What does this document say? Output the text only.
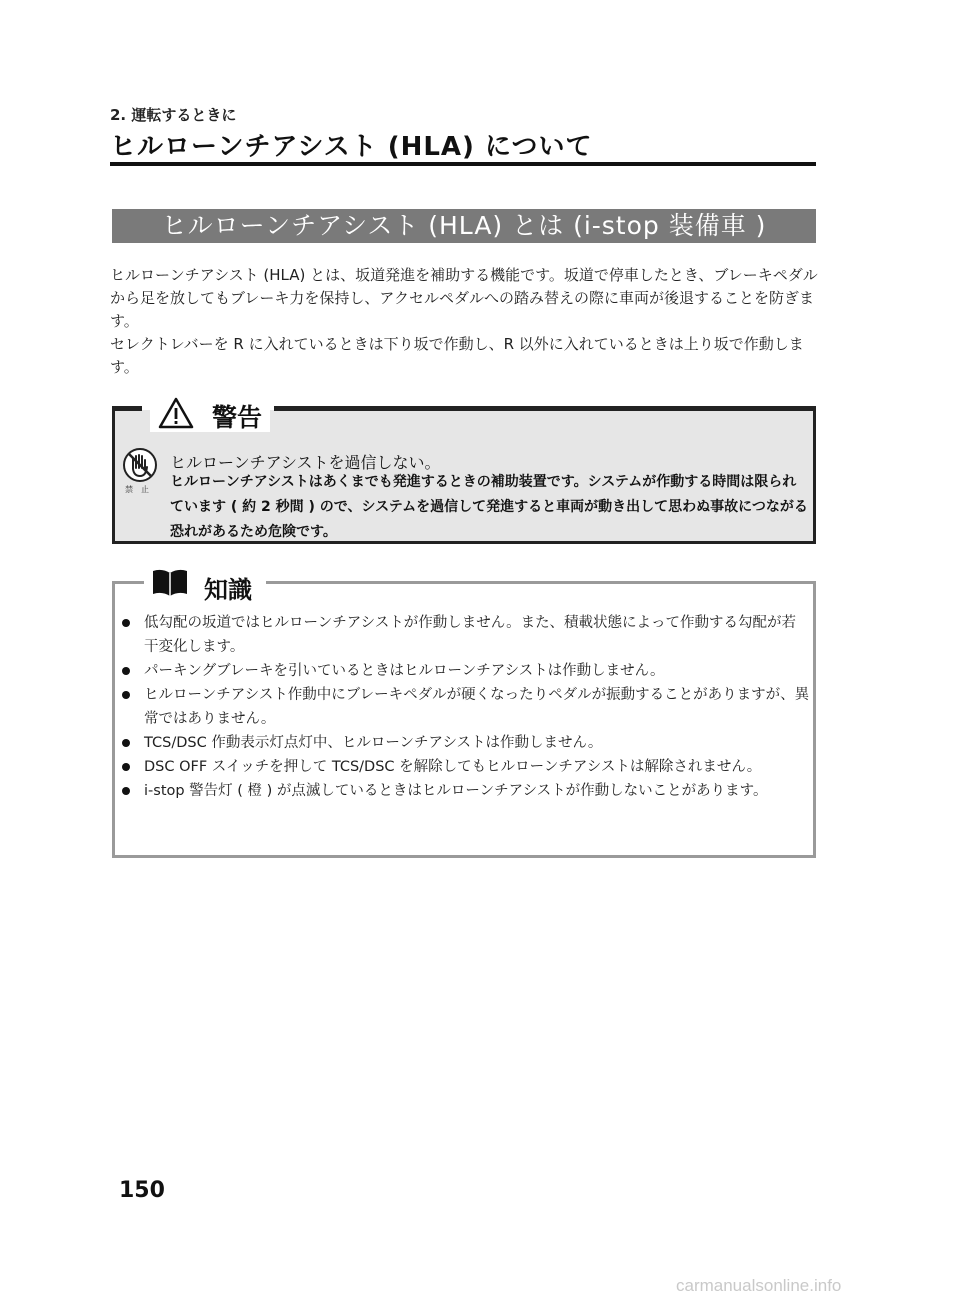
2. 運転するときに
ヒルローンチアシスト (HLA) について
ヒルローンチアシスト (HLA) とは (i-stop 装備車 )

ヒルローンチアシスト (HLA) とは、坂道発進を補助する機能です。坂道で停車したとき、ブレーキペダルから足を放してもブレーキ力を保持し、アクセルペダルへの踏み替えの際に車両が後退することを防ぎます。

セレクトレバーを R に入れているときは下り坂で作動し、R 以外に入れているときは上り坂で作動します。

警告
禁止
ヒルローンチアシストを過信しない。
ヒルローンチアシストはあくまでも発進するときの補助装置です。システムが作動する時間は限られています ( 約 2 秒間 ) ので、システムを過信して発進すると車両が動き出して思わぬ事故につながる恐れがあるため危険です。
知識
低勾配の坂道ではヒルローンチアシストが作動しません。また、積載状態によって作動する勾配が若干変化します。
パーキングブレーキを引いているときはヒルローンチアシストは作動しません。
ヒルローンチアシスト作動中にブレーキペダルが硬くなったりペダルが振動することがありますが、異常ではありません。
TCS/DSC 作動表示灯点灯中、ヒルローンチアシストは作動しません。
DSC OFF スイッチを押して TCS/DSC を解除してもヒルローンチアシストは解除されません。
i-stop 警告灯 ( 橙 ) が点滅しているときはヒルローンチアシストが作動しないことがあります。
150
carmanualsonline.info
